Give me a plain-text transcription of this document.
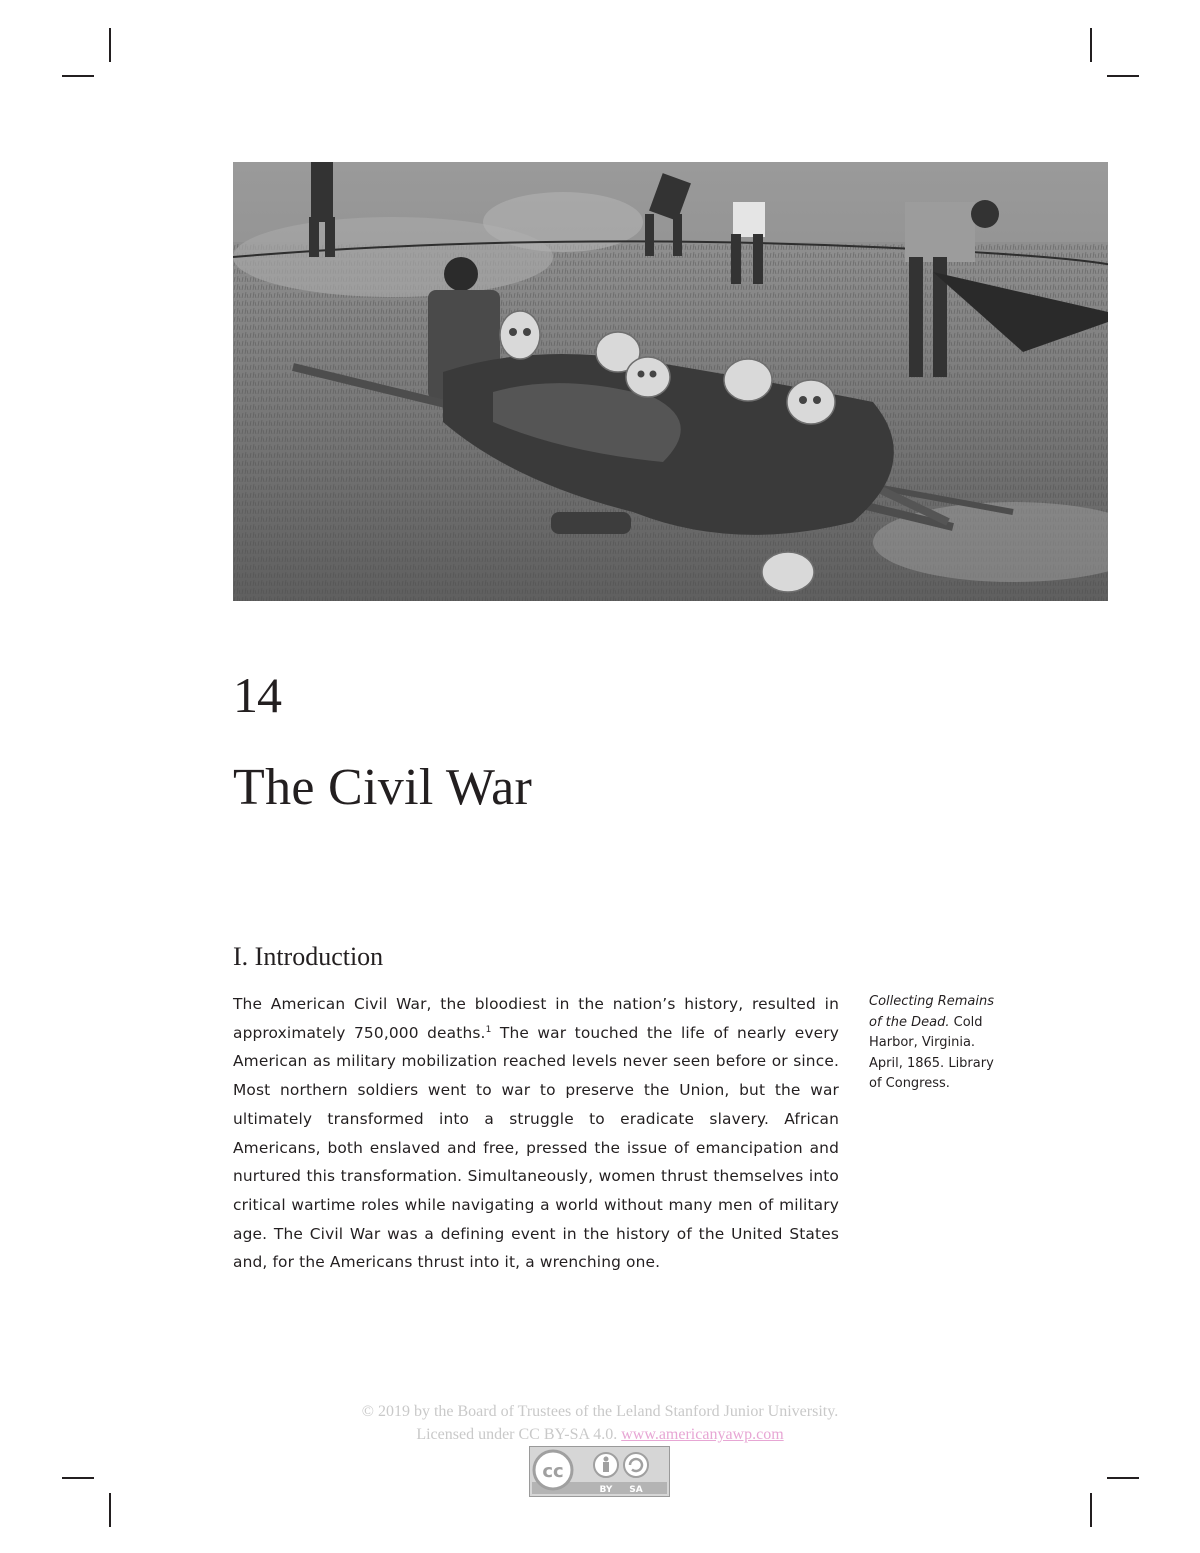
14
The Civil War
I. Introduction
The American Civil War, the bloodiest in the nation’s history, resulted in approximately 750,000 deaths.$^1$ The war touched the life of nearly every American as military mobilization reached levels never seen before or since. Most northern soldiers went to war to preserve the Union, but the war ultimately transformed into a struggle to eradicate slavery. African Americans, both enslaved and free, pressed the issue of emancipation and nurtured this transformation. Simultaneously, women thrust themselves into critical wartime roles while navigating a world without many men of military age. The Civil War was a defining event in the history of the United States and, for the Americans thrust into it, a wrenching one.
Collecting Remains of the Dead. Cold Harbor, Virginia. April, 1865. Library of Congress.
© 2019 by the Board of Trustees of the Leland Stanford Junior University.
Licensed under CC BY-SA 4.0. www.americanyawp.com
cc
BY SA
